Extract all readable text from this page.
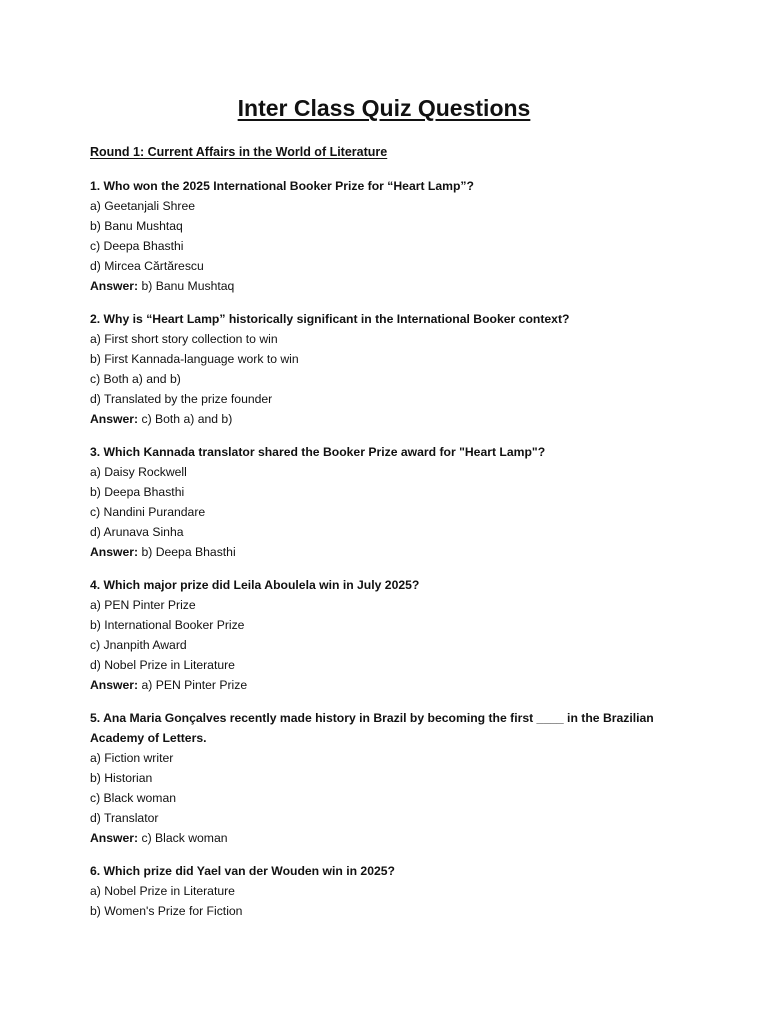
Inter Class Quiz Questions
Round 1: Current Affairs in the World of Literature
1. Who won the 2025 International Booker Prize for “Heart Lamp”?
a) Geetanjali Shree
b) Banu Mushtaq
c) Deepa Bhasthi
d) Mircea Cărtărescu
Answer: b) Banu Mushtaq
2. Why is “Heart Lamp” historically significant in the International Booker context?
a) First short story collection to win
b) First Kannada-language work to win
c) Both a) and b)
d) Translated by the prize founder
Answer: c) Both a) and b)
3. Which Kannada translator shared the Booker Prize award for "Heart Lamp"?
a) Daisy Rockwell
b) Deepa Bhasthi
c) Nandini Purandare
d) Arunava Sinha
Answer: b) Deepa Bhasthi
4. Which major prize did Leila Aboulela win in July 2025?
a) PEN Pinter Prize
b) International Booker Prize
c) Jnanpith Award
d) Nobel Prize in Literature
Answer: a) PEN Pinter Prize
5. Ana Maria Gonçalves recently made history in Brazil by becoming the first ____ in the Brazilian Academy of Letters.
a) Fiction writer
b) Historian
c) Black woman
d) Translator
Answer: c) Black woman
6. Which prize did Yael van der Wouden win in 2025?
a) Nobel Prize in Literature
b) Women's Prize for Fiction
